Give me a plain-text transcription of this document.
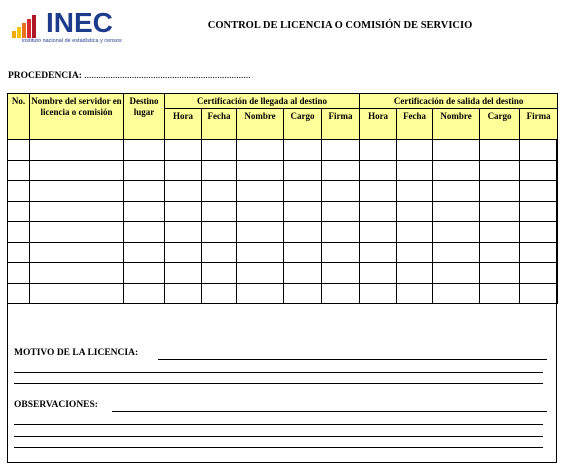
INEC
instituto nacional de estadística y censos
CONTROL DE LICENCIA O COMISIÓN DE SERVICIO
PROCEDENCIA: ......................................................................
No.	Nombre del servidor en licencia o comisión	Destino lugar	Certificación de llegada al destino					Certificación de salida del destino				
			Hora	Fecha	Nombre	Cargo	Firma	Hora	Fecha	Nombre	Cargo	Firma

MOTIVO DE LA LICENCIA:
OBSERVACIONES:
